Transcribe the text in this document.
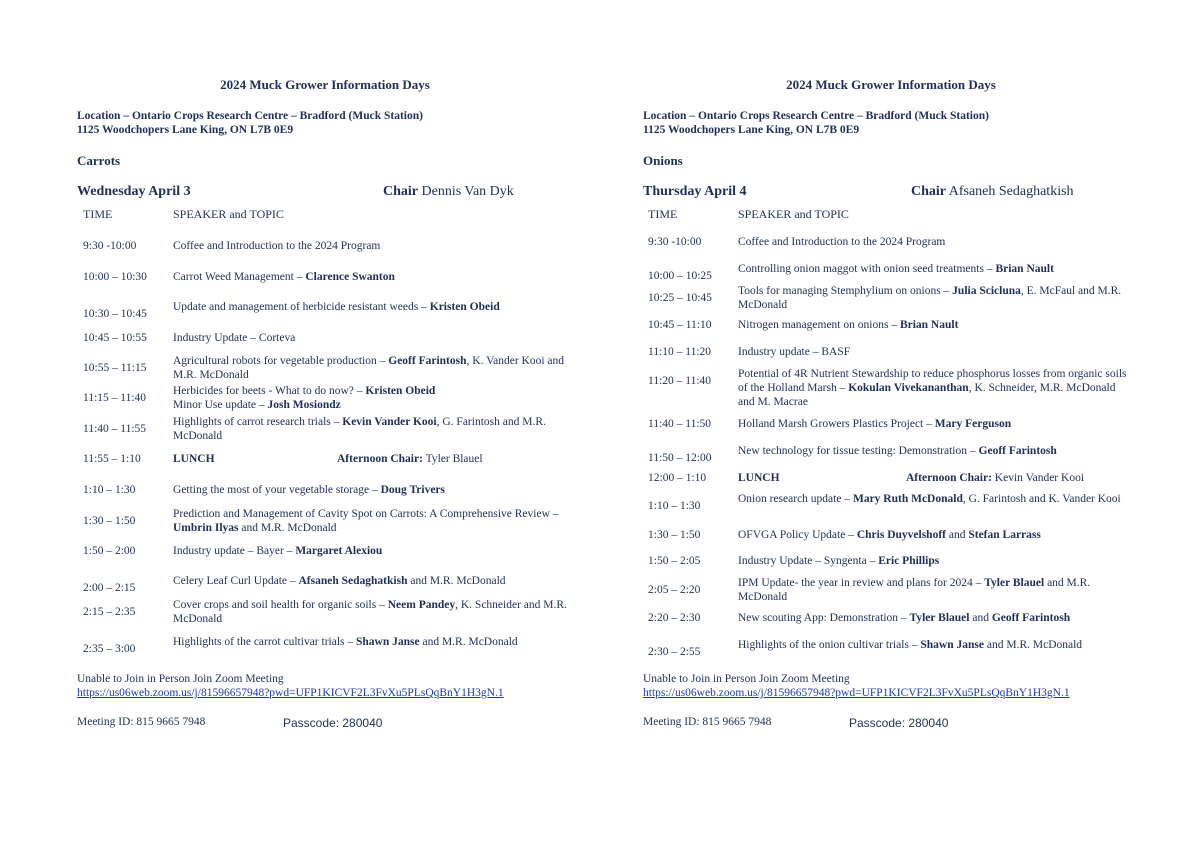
2024 Muck Grower Information Days
Location – Ontario Crops Research Centre – Bradford (Muck Station)
1125 Woodchopers Lane King, ON L7B 0E9
Carrots
Wednesday April 3	Chair Dennis Van Dyk
TIME	SPEAKER and TOPIC
9:30 -10:00	Coffee and Introduction to the 2024 Program
10:00 – 10:30 Carrot Weed Management – Clarence Swanton
10:30 – 10:45
Update and management of herbicide resistant weeds – Kristen Obeid
10:45 – 10:55 Industry Update – Corteva
10:55 – 11:15
Agricultural robots for vegetable production – Geoff Farintosh, K. Vander Kooi and M.R. McDonald
11:15 – 11:40
Herbicides for beets - What to do now? – Kristen Obeid
Minor Use update – Josh Mosiondz
11:40 – 11:55
Highlights of carrot research trials – Kevin Vander Kooi, G. Farintosh and M.R. McDonald
11:55 – 1:10	LUNCH	Afternoon Chair: Tyler Blauel
1:10 – 1:30	Getting the most of your vegetable storage – Doug Trivers
1:30 – 1:50
Prediction and Management of Cavity Spot on Carrots: A Comprehensive Review – Umbrin Ilyas and M.R. McDonald
1:50 – 2:00	Industry update – Bayer – Margaret Alexiou
2:00 – 2:15
Celery Leaf Curl Update – Afsaneh Sedaghatkish and M.R. McDonald
2:15 – 2:35
Cover crops and soil health for organic soils – Neem Pandey, K. Schneider and M.R. McDonald
2:35 – 3:00
Highlights of the carrot cultivar trials – Shawn Janse and M.R. McDonald
Unable to Join in Person Join Zoom Meeting
https://us06web.zoom.us/j/81596657948?pwd=UFP1KICVF2L3FvXu5PLsQqBnY1H3gN.1
Meeting ID: 815 9665 7948	Passcode: 280040
2024 Muck Grower Information Days
Location – Ontario Crops Research Centre – Bradford (Muck Station)
1125 Woodchopers Lane King, ON L7B 0E9
Onions
Thursday April 4	Chair Afsaneh Sedaghatkish
TIME	SPEAKER and TOPIC
9:30 -10:00	Coffee and Introduction to the 2024 Program
10:00 – 10:25
Controlling onion maggot with onion seed treatments – Brian Nault
10:25 – 10:45
Tools for managing Stemphylium on onions – Julia Scicluna, E. McFaul and M.R. McDonald
10:45 – 11:10 Nitrogen management on onions – Brian Nault
11:10 – 11:20 Industry update – BASF
11:20 – 11:40
Potential of 4R Nutrient Stewardship to reduce phosphorus losses from organic soils of the Holland Marsh – Kokulan Vivekananthan, K. Schneider, M.R. McDonald and M. Macrae
11:40 – 11:50 Holland Marsh Growers Plastics Project – Mary Ferguson
11:50 – 12:00
New technology for tissue testing: Demonstration – Geoff Farintosh
12:00 – 1:10	LUNCH	Afternoon Chair: Kevin Vander Kooi
1:10 – 1:30
Onion research update – Mary Ruth McDonald, G. Farintosh and K. Vander Kooi
1:30 – 1:50	OFVGA Policy Update – Chris Duyvelshoff and Stefan Larrass
1:50 – 2:05	Industry Update – Syngenta – Eric Phillips
2:05 – 2:20
IPM Update- the year in review and plans for 2024 – Tyler Blauel and M.R. McDonald
2:20 – 2:30	New scouting App: Demonstration – Tyler Blauel and Geoff Farintosh
2:30 – 2:55
Highlights of the onion cultivar trials – Shawn Janse and M.R. McDonald
Unable to Join in Person Join Zoom Meeting
https://us06web.zoom.us/j/81596657948?pwd=UFP1KICVF2L3FvXu5PLsQqBnY1H3gN.1
Meeting ID: 815 9665 7948	Passcode: 280040
